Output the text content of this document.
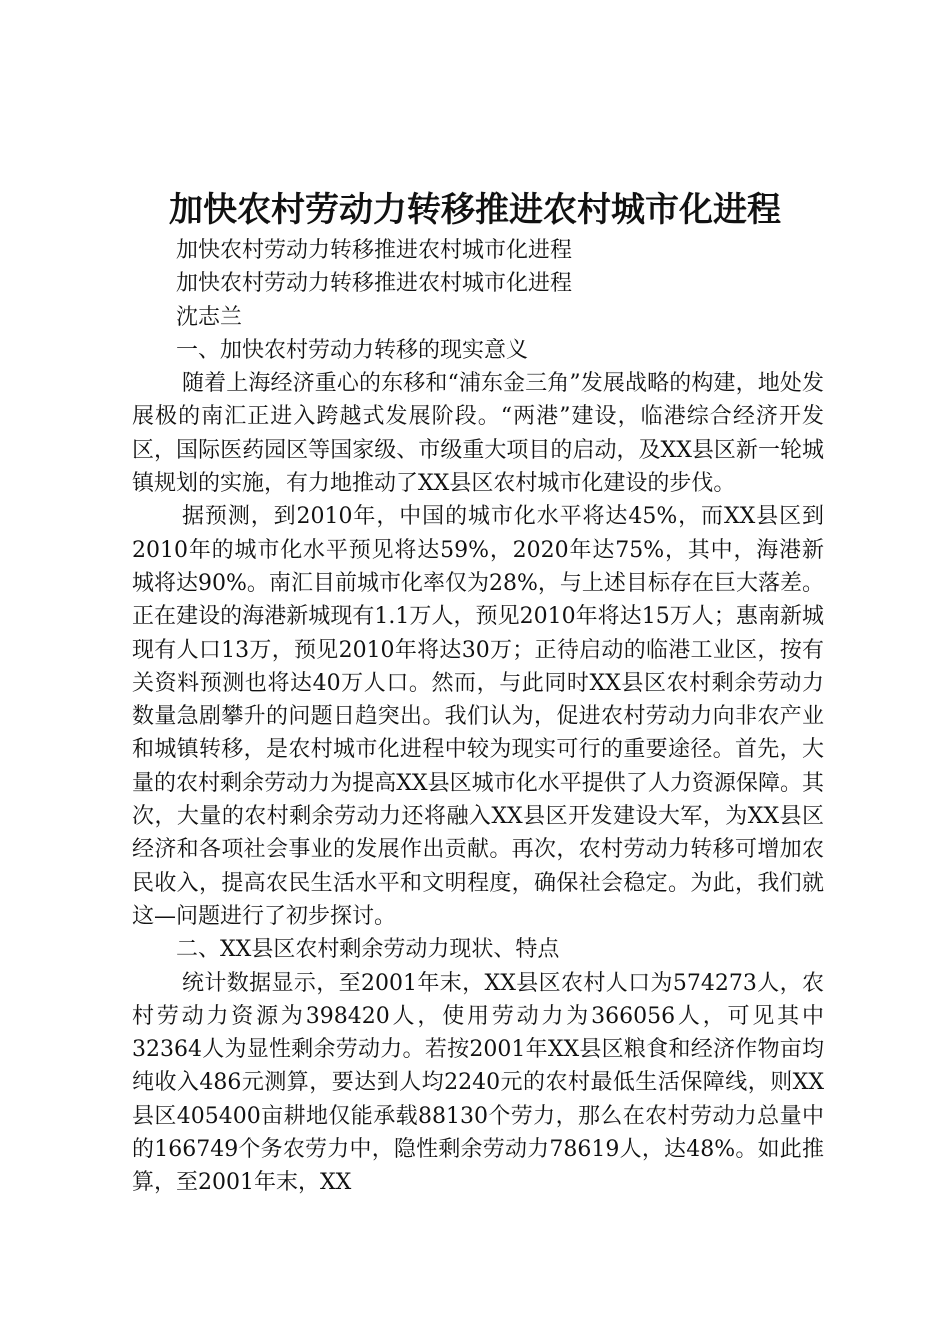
加快农村劳动力转移推进农村城市化进程

加快农村劳动力转移推进农村城市化进程

加快农村劳动力转移推进农村城市化进程

沈志兰

一、加快农村劳动力转移的现实意义

随着上海经济重心的东移和“浦东金三角”发展战略的构建，地处发展极的南汇正进入跨越式发展阶段。“两港”建设，临港综合经济开发区，国际医药园区等国家级、市级重大项目的启动，及XX县区新一轮城镇规划的实施，有力地推动了XX县区农村城市化建设的步伐。

据预测，到2010年，中国的城市化水平将达45%，而XX县区到2010年的城市化水平预见将达59%，2020年达75%，其中，海港新城将达90%。南汇目前城市化率仅为28%，与上述目标存在巨大落差。正在建设的海港新城现有1.1万人，预见2010年将达15万人；惠南新城现有人口13万，预见2010年将达30万；正待启动的临港工业区，按有关资料预测也将达40万人口。然而，与此同时XX县区农村剩余劳动力数量急剧攀升的问题日趋突出。我们认为，促进农村劳动力向非农产业和城镇转移，是农村城市化进程中较为现实可行的重要途径。首先，大量的农村剩余劳动力为提高XX县区城市化水平提供了人力资源保障。其次，大量的农村剩余劳动力还将融入XX县区开发建设大军，为XX县区经济和各项社会事业的发展作出贡献。再次，农村劳动力转移可增加农民收入，提高农民生活水平和文明程度，确保社会稳定。为此，我们就这—问题进行了初步探讨。

二、XX县区农村剩余劳动力现状、特点

统计数据显示，至2001年末，XX县区农村人口为574273人，农村劳动力资源为398420人，使用劳动力为366056人，可见其中32364人为显性剩余劳动力。若按2001年XX县区粮食和经济作物亩均纯收入486元测算，要达到人均2240元的农村最低生活保障线，则XX县区405400亩耕地仅能承载88130个劳力，那么在农村劳动力总量中的166749个务农劳力中，隐性剩余劳动力78619人，达48%。如此推算，至2001年末，XX
